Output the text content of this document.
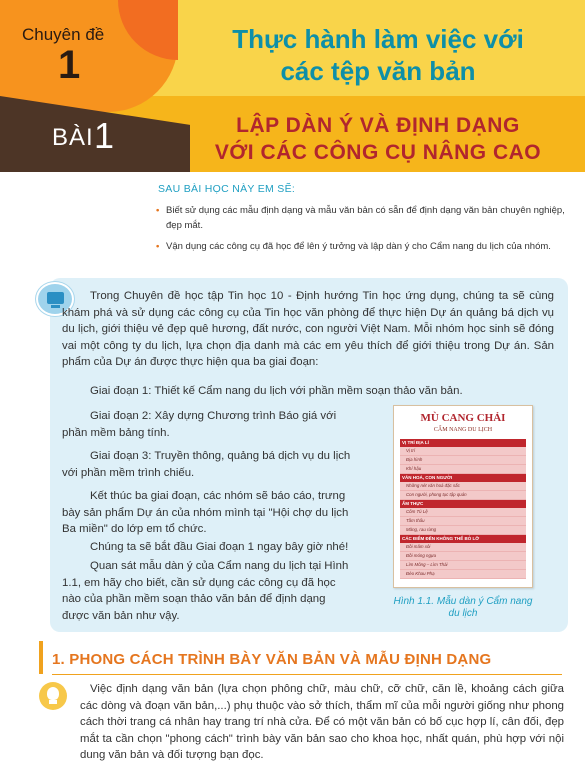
Chuyên đề
1
BÀI 1
Thực hành làm việc với
các tệp văn bản
LẬP DÀN Ý VÀ ĐỊNH DẠNG
VỚI CÁC CÔNG CỤ NÂNG CAO
SAU BÀI HỌC NÀY EM SẼ:
• Biết sử dụng các mẫu định dạng và mẫu văn bản có sẵn để định dạng văn bản chuyên nghiệp, đẹp mắt.
• Vận dụng các công cụ đã học để lên ý tưởng và lập dàn ý cho Cẩm nang du lịch của nhóm.

Trong Chuyên đề học tập Tin học 10 - Định hướng Tin học ứng dụng, chúng ta sẽ cùng khám phá và sử dụng các công cụ của Tin học văn phòng để thực hiện Dự án quảng bá dịch vụ du lịch, giới thiệu vẻ đẹp quê hương, đất nước, con người Việt Nam. Mỗi nhóm học sinh sẽ đóng vai một công ty du lịch, lựa chọn địa danh mà các em yêu thích để giới thiệu trong Dự án. Sản phẩm của Dự án được thực hiện qua ba giai đoạn:

Giai đoạn 1: Thiết kế Cẩm nang du lịch với phần mềm soạn thảo văn bản.

Giai đoạn 2: Xây dựng Chương trình Báo giá với phần mềm bảng tính.

Giai đoạn 3: Truyền thông, quảng bá dịch vụ du lịch với phần mềm trình chiếu.

Kết thúc ba giai đoạn, các nhóm sẽ báo cáo, trưng bày sản phẩm Dự án của nhóm mình tại "Hội chợ du lịch Ba miền" do lớp em tổ chức.

Chúng ta sẽ bắt đầu Giai đoạn 1 ngay bây giờ nhé!

Quan sát mẫu dàn ý của Cẩm nang du lịch tại Hình 1.1, em hãy cho biết, cần sử dụng các công cụ đã học nào của phần mềm soạn thảo văn bản để định dạng được văn bản như vậy.

MÙ CANG CHẢI
CẨM NANG DU LỊCH
VỊ TRÍ ĐỊA LÍ
Vị trí
Địa hình
Khí hậu
VĂN HOÁ, CON NGƯỜI
Những nét văn hoá đặc sắc
Con người, phong tục tập quán
ẨM THỰC
Cốm Tú Lệ
Tầm thấu
Măng, rau rừng
CÁC ĐIỂM ĐẾN KHÔNG THỂ BỎ LỠ
Đồi mâm xôi
Đồi móng ngựa
Lìm Mông – Lìm Thái
Đèo Khau Phạ
Hình 1.1. Mẫu dàn ý Cẩm nang du lịch
1. PHONG CÁCH TRÌNH BÀY VĂN BẢN VÀ MẪU ĐỊNH DẠNG

Việc định dạng văn bản (lựa chọn phông chữ, màu chữ, cỡ chữ, căn lề, khoảng cách giữa các dòng và đoạn văn bản,...) phụ thuộc vào sở thích, thẩm mĩ của mỗi người giống như phong cách thời trang cá nhân hay trang trí nhà cửa. Để có một văn bản có bố cục hợp lí, cân đối, đẹp mắt ta cần chọn "phong cách" trình bày văn bản sao cho khoa học, nhất quán, phù hợp với nội dung văn bản và đối tượng bạn đọc.
